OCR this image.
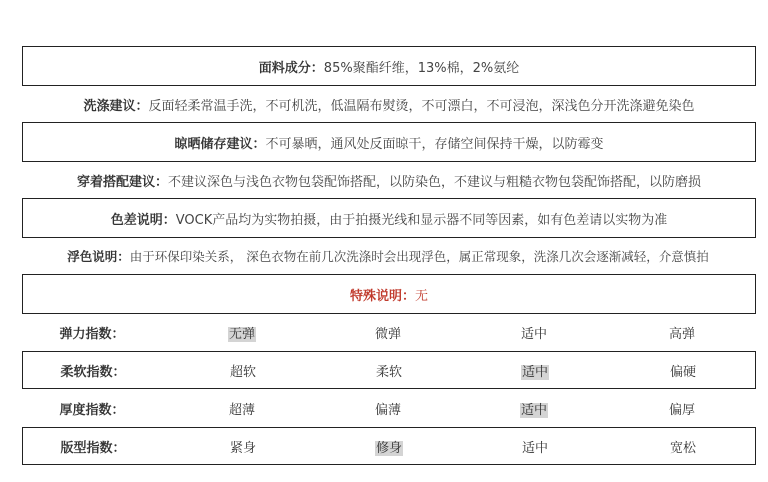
面料成分： 85%聚酯纤维，13%棉，2%氨纶
洗涤建议： 反面轻柔常温手洗，不可机洗，低温隔布熨烫，不可漂白，不可浸泡，深浅色分开洗涤避免染色
晾晒储存建议： 不可暴晒，通风处反面晾干，存储空间保持干燥，以防霉变
穿着搭配建议： 不建议深色与浅色衣物包袋配饰搭配，以防染色，不建议与粗糙衣物包袋配饰搭配，以防磨损
色差说明： VOCK产品均为实物拍摄，由于拍摄光线和显示器不同等因素，如有色差请以实物为准
浮色说明： 由于环保印染关系， 深色衣物在前几次洗涤时会出现浮色，属正常现象，洗涤几次会逐渐减轻，介意慎拍
特殊说明： 无
弹力指数：	无弹	微弹	适中	高弹
柔软指数：	超软	柔软	适中	偏硬
厚度指数：	超薄	偏薄	适中	偏厚
版型指数：	紧身	修身	适中	宽松
